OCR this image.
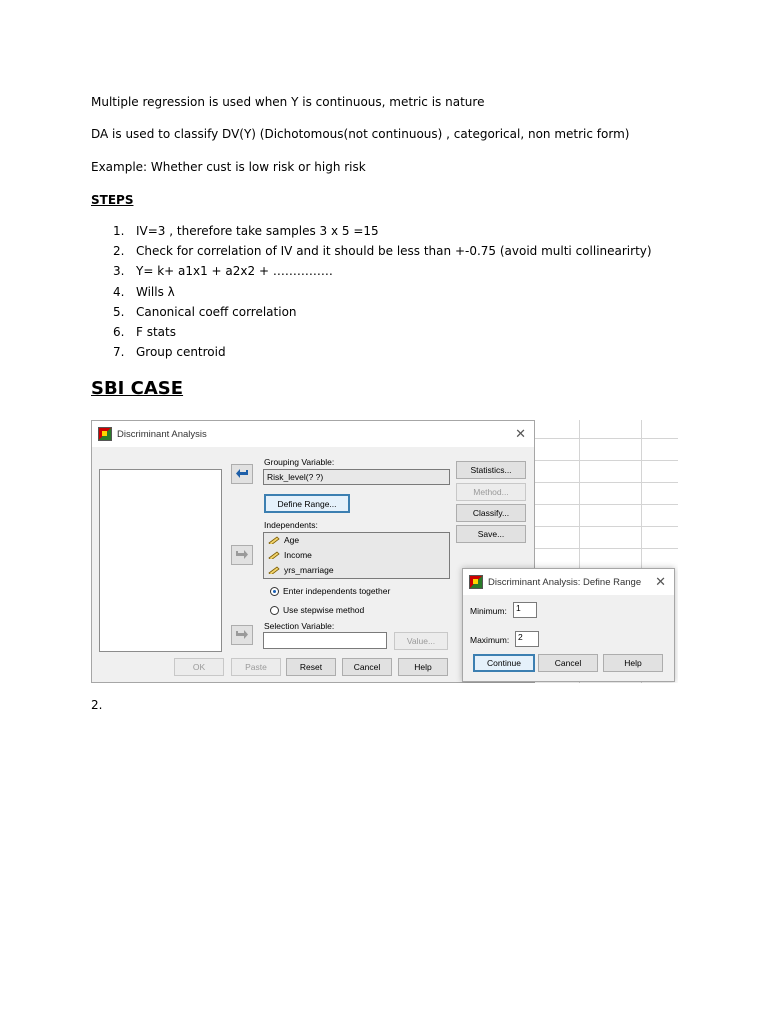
Multiple regression is used when Y is continuous, metric is nature
DA is used to classify DV(Y) (Dichotomous(not continuous) , categorical, non metric form)
Example: Whether cust is low risk or high risk
STEPS
1. IV=3 , therefore take samples 3 x 5 =15
2. Check for correlation of IV and it should be less than +-0.75 (avoid multi collinearirty)
3. Y= k+ a1x1 + a2x2 + ……………
4. Wills λ
5. Canonical coeff correlation
6. F stats
7. Group centroid
SBI CASE
Discriminant Analysis	✕
Grouping Variable:
Risk_level(? ?)
Define Range...
Independents:
Age
Income
yrs_marriage
Enter independents together
Use stepwise method
Selection Variable:
Value...
Statistics...
Method...
Classify...
Save...
OK	Paste	Reset	Cancel	Help
Discriminant Analysis: Define Range ✕
Minimum:	1
Maximum:	2
Continue	Cancel	Help
2.
